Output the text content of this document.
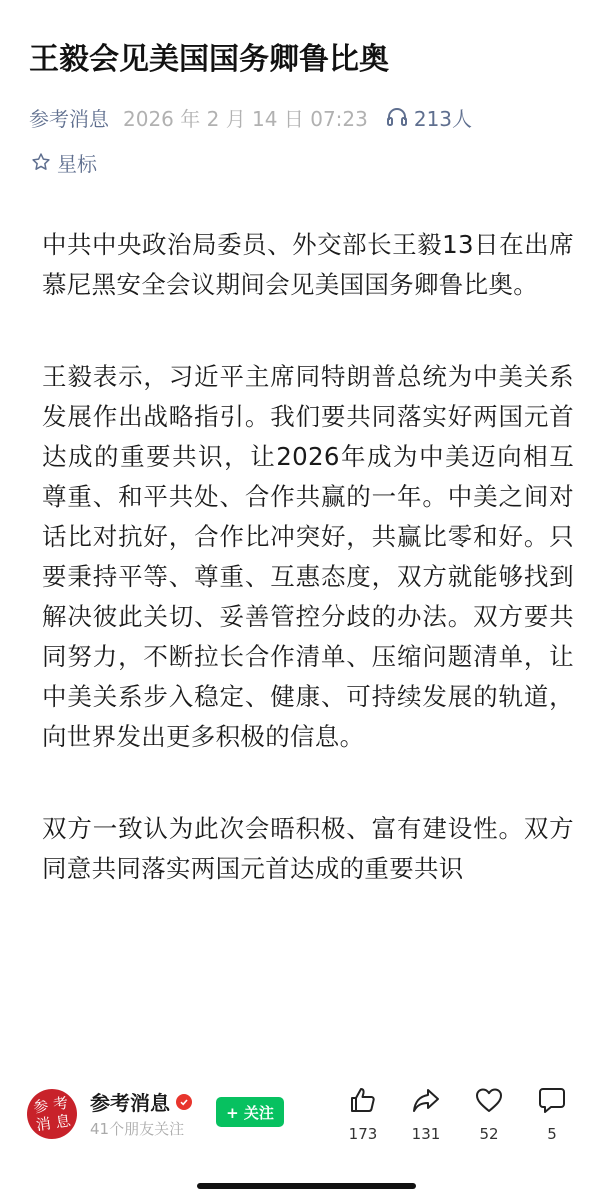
王毅会见美国国务卿鲁比奥
参考消息 2026 年 2 月 14 日 07:23 213人
星标

中共中央政治局委员、外交部长王毅13日在出席慕尼黑安全会议期间会见美国国务卿鲁比奥。

王毅表示，习近平主席同特朗普总统为中美关系发展作出战略指引。我们要共同落实好两国元首达成的重要共识，让2026年成为中美迈向相互尊重、和平共处、合作共赢的一年。中美之间对话比对抗好，合作比冲突好，共赢比零和好。只要秉持平等、尊重、互惠态度，双方就能够找到解决彼此关切、妥善管控分歧的办法。双方要共同努力，不断拉长合作清单、压缩问题清单，让中美关系步入稳定、健康、可持续发展的轨道，向世界发出更多积极的信息。

双方一致认为此次会晤积极、富有建设性。双方同意共同落实两国元首达成的重要共识

参 考
消 息
参考消息
41个朋友关注
+ 关注
173 131	52	5
